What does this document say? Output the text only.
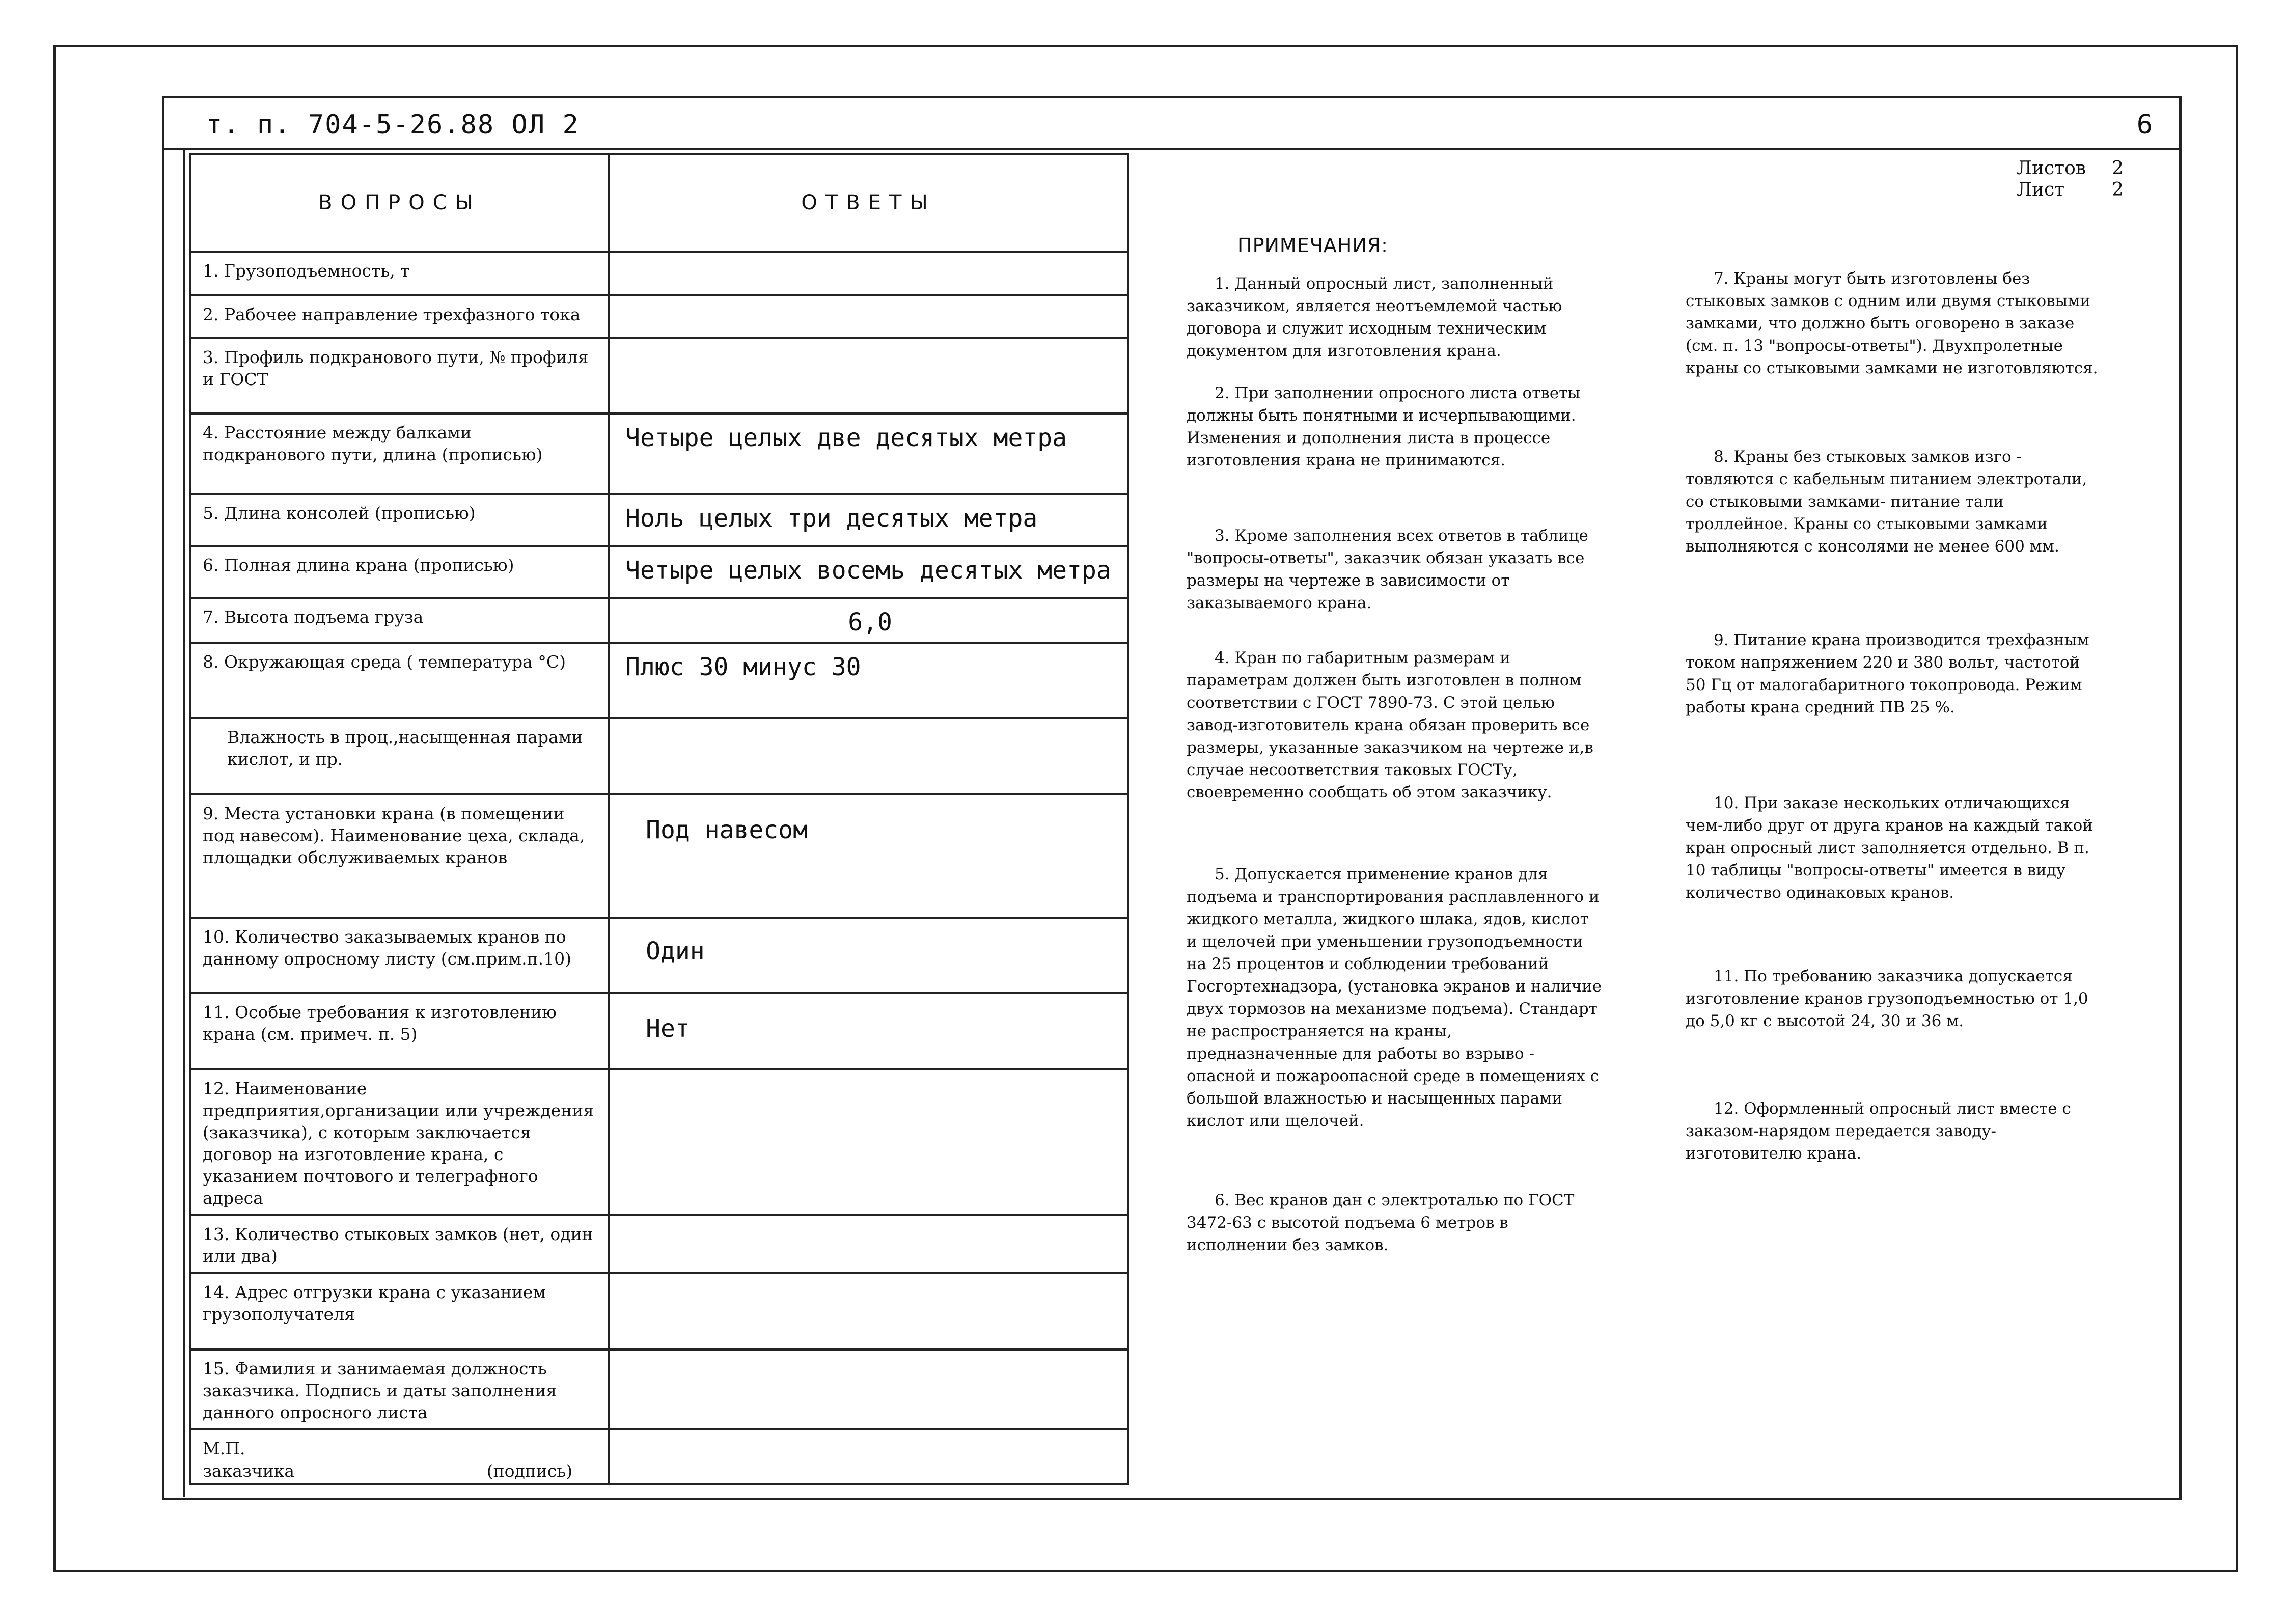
т. п. 704-5-26.88 ОЛ 2	6
Листов 2
Лист	2
ВОПРОСЫ	ОТВЕТЫ
1. Грузоподъемность, т	
2. Рабочее направление трехфазного тока	
3. Профиль подкранового пути, № профиля и ГОСТ	
4. Расстояние между балками подкранового пути, длина (прописью)	Четыре целых две десятых метра
5. Длина консолей (прописью)	Ноль целых три десятых метра
6. Полная длина крана (прописью)	Четыре целых восемь десятых метра
7. Высота подъема груза	6,0
8. Окружающая среда ( температура °С)	Плюс 30 минус 30
Влажность в проц.,насыщенная парами кислот, и пр.	
9. Места установки крана (в помещении под навесом). Наименование цеха, склада, площадки обслуживаемых кранов	Под навесом
10. Количество заказываемых кранов по данному опросному листу (см.прим.п.10)	Один
11. Особые требования к изготовлению крана (см. примеч. п. 5)	Нет
12. Наименование предприятия,организации или учреждения (заказчика), с которым заключается договор на изготовление крана, с указанием почтового и телеграфного адреса	
13. Количество стыковых замков (нет, один или два)	
14. Адрес отгрузки крана с указанием грузополучателя	
15. Фамилия и занимаемая должность заказчика. Подпись и даты заполнения данного опросного листа	

М.П.
заказчика (подпись)	

ПРИМЕЧАНИЯ:
1. Данный опросный лист, заполненный заказчиком, является неотъемлемой частью договора и служит исходным техническим документом для изготовления крана.
2. При заполнении опросного листа ответы должны быть понятными и исчерпывающими. Изменения и дополнения листа в процессе изготовления крана не принимаются.
3. Кроме заполнения всех ответов в таблице "вопросы-ответы", заказчик обязан указать все размеры на чертеже в зависимости от заказываемого крана.
4. Кран по габаритным размерам и параметрам должен быть изготовлен в полном соответствии с ГОСТ 7890-73. С этой целью завод-изготовитель крана обязан проверить все размеры, указанные заказчиком на чертеже и,в случае несоответствия таковых ГОСТу, своевременно сообщать об этом заказчику.
5. Допускается применение кранов для подъема и транспортирования расплавленного и жидкого металла, жидкого шлака, ядов, кислот и щелочей при уменьшении грузоподъемности на 25 процентов и соблюдении требований Госгортехнадзора, (установка экранов и наличие двух тормозов на механизме подъема). Стандарт не распространяется на краны, предназначенные для работы во взрыво - опасной и пожароопасной среде в помещениях с большой влажностью и насыщенных парами кислот или щелочей.
6. Вес кранов дан с электроталью по ГОСТ 3472-63 с высотой подъема 6 метров в исполнении без замков.
7. Краны могут быть изготовлены без стыковых замков с одним или двумя стыковыми замками, что должно быть оговорено в заказе (см. п. 13 "вопросы-ответы"). Двухпролетные краны со стыковыми замками не изготовляются.
8. Краны без стыковых замков изго - товляются с кабельным питанием электротали, со стыковыми замками- питание тали троллейное. Краны со стыковыми замками выполняются с консолями не менее 600 мм.
9. Питание крана производится трехфазным током напряжением 220 и 380 вольт, частотой 50 Гц от малогабаритного токопровода. Режим работы крана средний ПВ 25 %.
10. При заказе нескольких отличающихся чем-либо друг от друга кранов на каждый такой кран опросный лист заполняется отдельно. В п. 10 таблицы "вопросы-ответы" имеется в виду количество одинаковых кранов.
11. По требованию заказчика допускается изготовление кранов грузоподъемностью от 1,0 до 5,0 кг с высотой 24, 30 и 36 м.
12. Оформленный опросный лист вместе с заказом-нарядом передается заводу-изготовителю крана.
